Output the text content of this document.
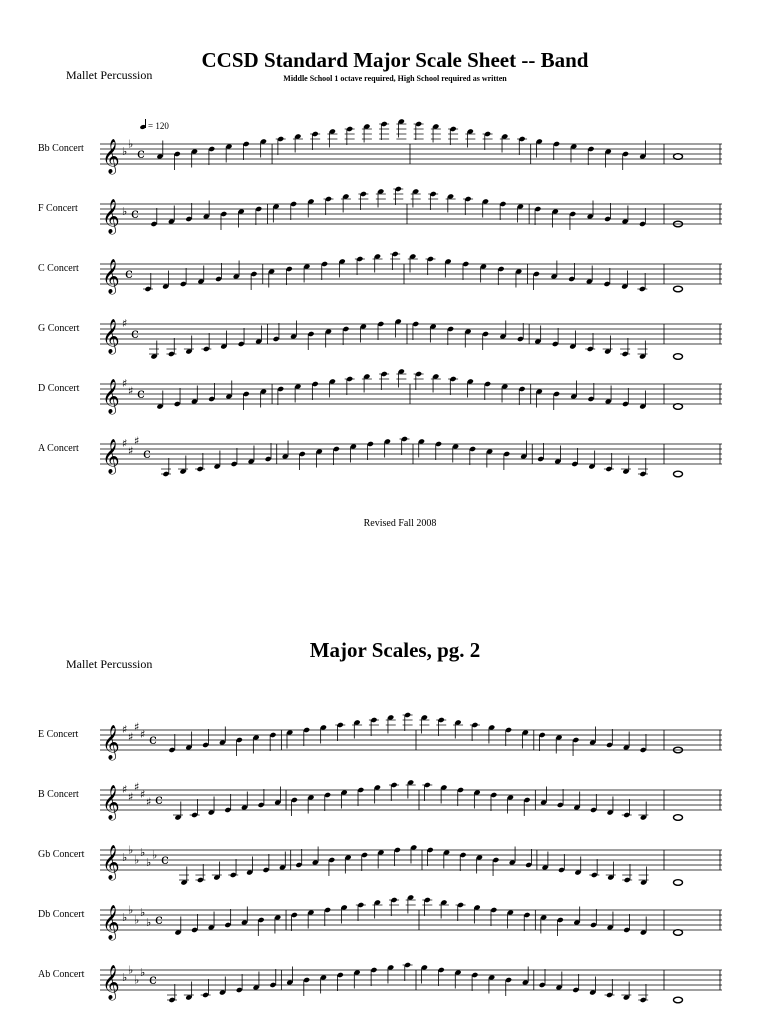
Mallet Percussion
CCSD Standard Major Scale Sheet -- Band
Middle School 1 octave required, High School required as written
= 120
Bb Concert 𝄞 ♭
♭
c
F Concert 𝄞 ♭ c
C Concert 𝄞 c
G Concert 𝄞 ♯
c
D Concert 𝄞 ♯
♯ c
A Concert 𝄞 ♯
♯
♯
c
Revised Fall 2008
Mallet Percussion
Major Scales, pg. 2
E Concert 𝄞 ♯
♯
♯
♯ c
B Concert 𝄞 ♯
♯
♯
♯
♯ c
Gb Concert 𝄞 ♭
♭
♭
♭
♭
♭ c
Db Concert 𝄞 ♭
♭
♭
♭
♭ c
Ab Concert 𝄞 ♭
♭
♭
♭ c
